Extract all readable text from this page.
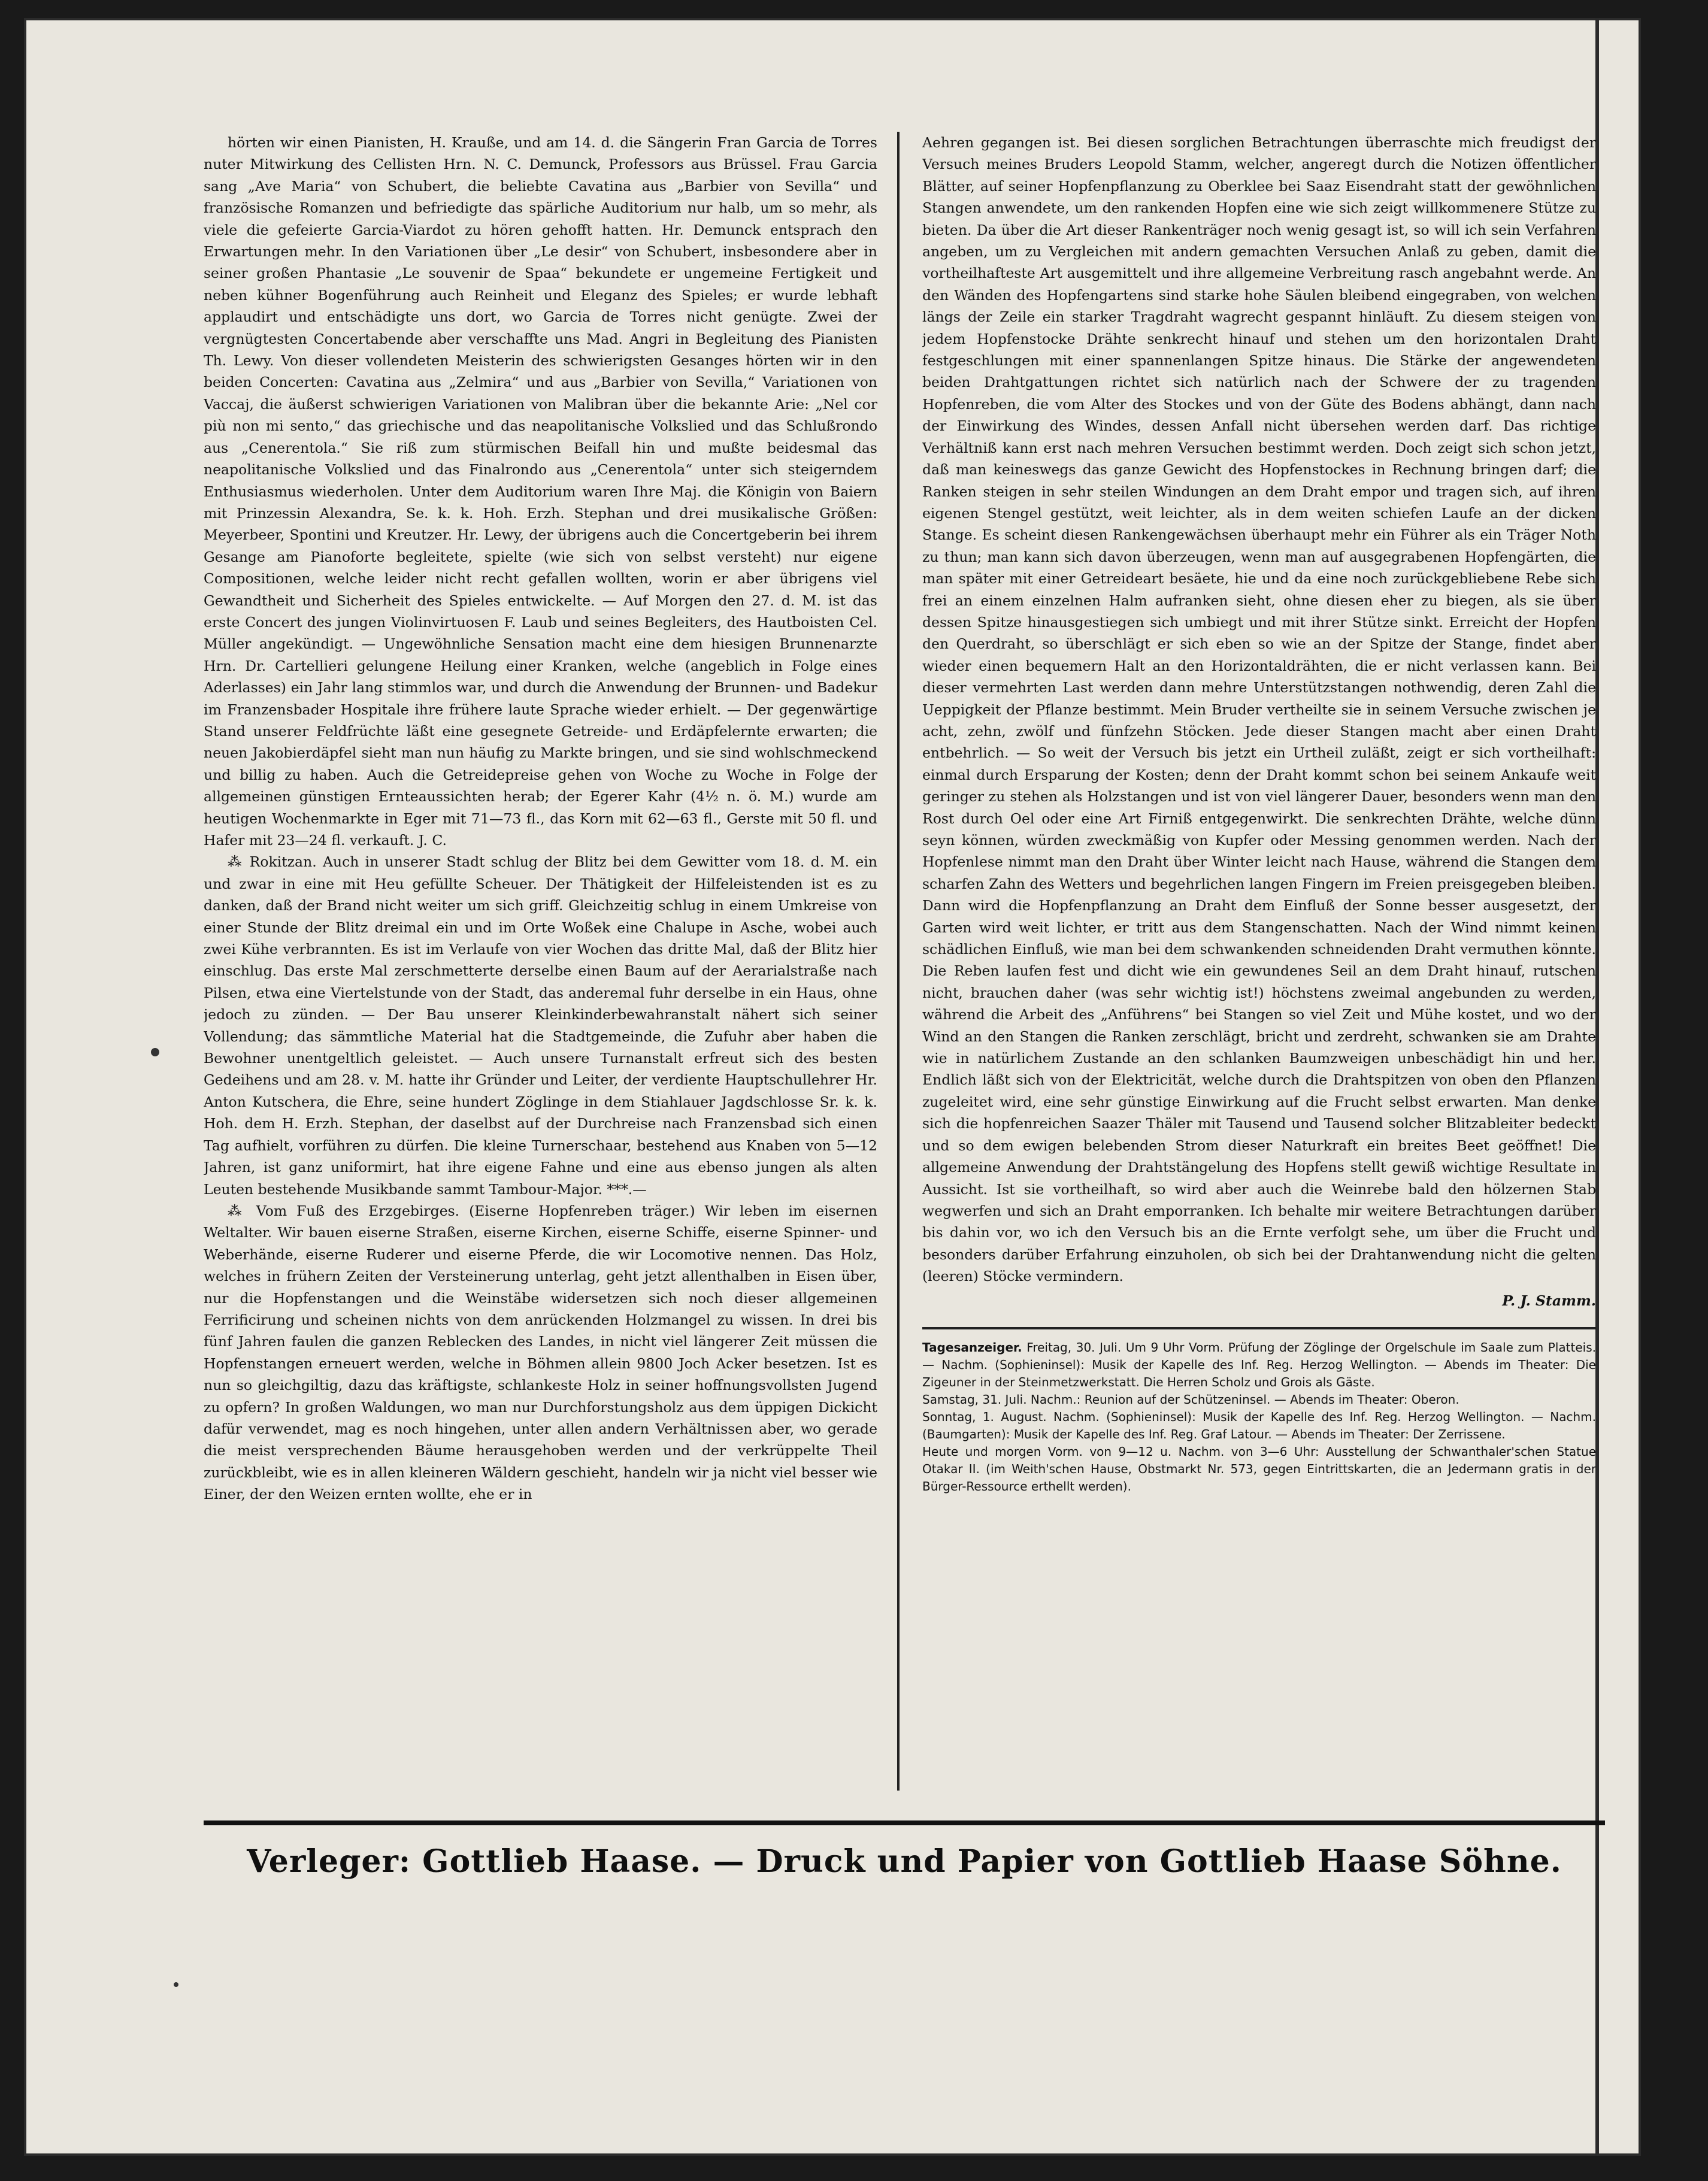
hörten wir einen Pianisten, H. Krauße, und am 14. d. die Sängerin Fran Garcia de Torres nuter Mitwirkung des Cellisten Hrn. N. C. Demunck, Professors aus Brüssel. Frau Garcia sang „Ave Maria“ von Schubert, die beliebte Cavatina aus „Barbier von Sevilla“ und französische Romanzen und befriedigte das spärliche Auditorium nur halb, um so mehr, als viele die gefeierte Garcia-Viardot zu hören gehofft hatten. Hr. Demunck entsprach den Erwartungen mehr. In den Variationen über „Le desir“ von Schubert, insbesondere aber in seiner großen Phantasie „Le souvenir de Spaa“ bekundete er ungemeine Fertigkeit und neben kühner Bogenführung auch Reinheit und Eleganz des Spieles; er wurde lebhaft applaudirt und entschädigte uns dort, wo Garcia de Torres nicht genügte. Zwei der vergnügtesten Concertabende aber verschaffte uns Mad. Angri in Begleitung des Pianisten Th. Lewy. Von dieser vollendeten Meisterin des schwierigsten Gesanges hörten wir in den beiden Concerten: Cavatina aus „Zelmira“ und aus „Barbier von Sevilla,“ Variationen von Vaccaj, die äußerst schwierigen Variationen von Malibran über die bekannte Arie: „Nel cor più non mi sento,“ das griechische und das neapolitanische Volkslied und das Schlußrondo aus „Cenerentola.“ Sie riß zum stürmischen Beifall hin und mußte beidesmal das neapolitanische Volkslied und das Finalrondo aus „Cenerentola“ unter sich steigerndem Enthusiasmus wiederholen. Unter dem Auditorium waren Ihre Maj. die Königin von Baiern mit Prinzessin Alexandra, Se. k. k. Hoh. Erzh. Stephan und drei musikalische Größen: Meyerbeer, Spontini und Kreutzer. Hr. Lewy, der übrigens auch die Concertgeberin bei ihrem Gesange am Pianoforte begleitete, spielte (wie sich von selbst versteht) nur eigene Compositionen, welche leider nicht recht gefallen wollten, worin er aber übrigens viel Gewandtheit und Sicherheit des Spieles entwickelte. — Auf Morgen den 27. d. M. ist das erste Concert des jungen Violinvirtuosen F. Laub und seines Begleiters, des Hautboisten Cel. Müller angekündigt. — Ungewöhnliche Sensation macht eine dem hiesigen Brunnenarzte Hrn. Dr. Cartellieri gelungene Heilung einer Kranken, welche (angeblich in Folge eines Aderlasses) ein Jahr lang stimmlos war, und durch die Anwendung der Brunnen- und Badekur im Franzensbader Hospitale ihre frühere laute Sprache wieder erhielt. — Der gegenwärtige Stand unserer Feldfrüchte läßt eine gesegnete Getreide- und Erdäpfelernte erwarten; die neuen Jakobierdäpfel sieht man nun häufig zu Markte bringen, und sie sind wohlschmeckend und billig zu haben. Auch die Getreidepreise gehen von Woche zu Woche in Folge der allgemeinen günstigen Ernteaussichten herab; der Egerer Kahr (4½ n. ö. M.) wurde am heutigen Wochenmarkte in Eger mit 71—73 fl., das Korn mit 62—63 fl., Gerste mit 50 fl. und Hafer mit 23—24 fl. verkauft. J. C.

⁂ Rokitzan. Auch in unserer Stadt schlug der Blitz bei dem Gewitter vom 18. d. M. ein und zwar in eine mit Heu gefüllte Scheuer. Der Thätigkeit der Hilfeleistenden ist es zu danken, daß der Brand nicht weiter um sich griff. Gleichzeitig schlug in einem Umkreise von einer Stunde der Blitz dreimal ein und im Orte Woßek eine Chalupe in Asche, wobei auch zwei Kühe verbrannten. Es ist im Verlaufe von vier Wochen das dritte Mal, daß der Blitz hier einschlug. Das erste Mal zerschmetterte derselbe einen Baum auf der Aerarialstraße nach Pilsen, etwa eine Viertelstunde von der Stadt, das anderemal fuhr derselbe in ein Haus, ohne jedoch zu zünden. — Der Bau unserer Kleinkinderbewahranstalt nähert sich seiner Vollendung; das sämmtliche Material hat die Stadtgemeinde, die Zufuhr aber haben die Bewohner unentgeltlich geleistet. — Auch unsere Turnanstalt erfreut sich des besten Gedeihens und am 28. v. M. hatte ihr Gründer und Leiter, der verdiente Hauptschullehrer Hr. Anton Kutschera, die Ehre, seine hundert Zöglinge in dem Stiahlauer Jagdschlosse Sr. k. k. Hoh. dem H. Erzh. Stephan, der daselbst auf der Durchreise nach Franzensbad sich einen Tag aufhielt, vorführen zu dürfen. Die kleine Turnerschaar, bestehend aus Knaben von 5—12 Jahren, ist ganz uniformirt, hat ihre eigene Fahne und eine aus ebenso jungen als alten Leuten bestehende Musikbande sammt Tambour-Major. ***.—

⁂ Vom Fuß des Erzgebirges. (Eiserne Hopfenreben träger.) Wir leben im eisernen Weltalter. Wir bauen eiserne Straßen, eiserne Kirchen, eiserne Schiffe, eiserne Spinner- und Weberhände, eiserne Ruderer und eiserne Pferde, die wir Locomotive nennen. Das Holz, welches in frühern Zeiten der Versteinerung unterlag, geht jetzt allenthalben in Eisen über, nur die Hopfenstangen und die Weinstäbe widersetzen sich noch dieser allgemeinen Ferrificirung und scheinen nichts von dem anrückenden Holzmangel zu wissen. In drei bis fünf Jahren faulen die ganzen Reblecken des Landes, in nicht viel längerer Zeit müssen die Hopfenstangen erneuert werden, welche in Böhmen allein 9800 Joch Acker besetzen. Ist es nun so gleichgiltig, dazu das kräftigste, schlankeste Holz in seiner hoffnungsvollsten Jugend zu opfern? In großen Waldungen, wo man nur Durchforstungsholz aus dem üppigen Dickicht dafür verwendet, mag es noch hingehen, unter allen andern Verhältnissen aber, wo gerade die meist versprechenden Bäume herausgehoben werden und der verkrüppelte Theil zurückbleibt, wie es in allen kleineren Wäldern geschieht, handeln wir ja nicht viel besser wie Einer, der den Weizen ernten wollte, ehe er in

Aehren gegangen ist. Bei diesen sorglichen Betrachtungen überraschte mich freudigst der Versuch meines Bruders Leopold Stamm, welcher, angeregt durch die Notizen öffentlicher Blätter, auf seiner Hopfenpflanzung zu Oberklee bei Saaz Eisendraht statt der gewöhnlichen Stangen anwendete, um den rankenden Hopfen eine wie sich zeigt willkommenere Stütze zu bieten. Da über die Art dieser Rankenträger noch wenig gesagt ist, so will ich sein Verfahren angeben, um zu Vergleichen mit andern gemachten Versuchen Anlaß zu geben, damit die vortheilhafteste Art ausgemittelt und ihre allgemeine Verbreitung rasch angebahnt werde. An den Wänden des Hopfengartens sind starke hohe Säulen bleibend eingegraben, von welchen längs der Zeile ein starker Tragdraht wagrecht gespannt hinläuft. Zu diesem steigen von jedem Hopfenstocke Drähte senkrecht hinauf und stehen um den horizontalen Draht festgeschlungen mit einer spannenlangen Spitze hinaus. Die Stärke der angewendeten beiden Drahtgattungen richtet sich natürlich nach der Schwere der zu tragenden Hopfenreben, die vom Alter des Stockes und von der Güte des Bodens abhängt, dann nach der Einwirkung des Windes, dessen Anfall nicht übersehen werden darf. Das richtige Verhältniß kann erst nach mehren Versuchen bestimmt werden. Doch zeigt sich schon jetzt, daß man keineswegs das ganze Gewicht des Hopfenstockes in Rechnung bringen darf; die Ranken steigen in sehr steilen Windungen an dem Draht empor und tragen sich, auf ihren eigenen Stengel gestützt, weit leichter, als in dem weiten schiefen Laufe an der dicken Stange. Es scheint diesen Rankengewächsen überhaupt mehr ein Führer als ein Träger Noth zu thun; man kann sich davon überzeugen, wenn man auf ausgegrabenen Hopfengärten, die man später mit einer Getreideart besäete, hie und da eine noch zurückgebliebene Rebe sich frei an einem einzelnen Halm aufranken sieht, ohne diesen eher zu biegen, als sie über dessen Spitze hinausgestiegen sich umbiegt und mit ihrer Stütze sinkt. Erreicht der Hopfen den Querdraht, so überschlägt er sich eben so wie an der Spitze der Stange, findet aber wieder einen bequemern Halt an den Horizontaldrähten, die er nicht verlassen kann. Bei dieser vermehrten Last werden dann mehre Unterstützstangen nothwendig, deren Zahl die Ueppigkeit der Pflanze bestimmt. Mein Bruder vertheilte sie in seinem Versuche zwischen je acht, zehn, zwölf und fünfzehn Stöcken. Jede dieser Stangen macht aber einen Draht entbehrlich. — So weit der Versuch bis jetzt ein Urtheil zuläßt, zeigt er sich vortheilhaft: einmal durch Ersparung der Kosten; denn der Draht kommt schon bei seinem Ankaufe weit geringer zu stehen als Holzstangen und ist von viel längerer Dauer, besonders wenn man den Rost durch Oel oder eine Art Firniß entgegenwirkt. Die senkrechten Drähte, welche dünn seyn können, würden zweckmäßig von Kupfer oder Messing genommen werden. Nach der Hopfenlese nimmt man den Draht über Winter leicht nach Hause, während die Stangen dem scharfen Zahn des Wetters und begehrlichen langen Fingern im Freien preisgegeben bleiben. Dann wird die Hopfenpflanzung an Draht dem Einfluß der Sonne besser ausgesetzt, der Garten wird weit lichter, er tritt aus dem Stangenschatten. Nach der Wind nimmt keinen schädlichen Einfluß, wie man bei dem schwankenden schneidenden Draht vermuthen könnte. Die Reben laufen fest und dicht wie ein gewundenes Seil an dem Draht hinauf, rutschen nicht, brauchen daher (was sehr wichtig ist!) höchstens zweimal angebunden zu werden, während die Arbeit des „Anführens“ bei Stangen so viel Zeit und Mühe kostet, und wo der Wind an den Stangen die Ranken zerschlägt, bricht und zerdreht, schwanken sie am Drahte wie in natürlichem Zustande an den schlanken Baumzweigen unbeschädigt hin und her. Endlich läßt sich von der Elektricität, welche durch die Drahtspitzen von oben den Pflanzen zugeleitet wird, eine sehr günstige Einwirkung auf die Frucht selbst erwarten. Man denke sich die hopfenreichen Saazer Thäler mit Tausend und Tausend solcher Blitzableiter bedeckt und so dem ewigen belebenden Strom dieser Naturkraft ein breites Beet geöffnet! Die allgemeine Anwendung der Drahtstängelung des Hopfens stellt gewiß wichtige Resultate in Aussicht. Ist sie vortheilhaft, so wird aber auch die Weinrebe bald den hölzernen Stab wegwerfen und sich an Draht emporranken. Ich behalte mir weitere Betrachtungen darüber bis dahin vor, wo ich den Versuch bis an die Ernte verfolgt sehe, um über die Frucht und besonders darüber Erfahrung einzuholen, ob sich bei der Drahtanwendung nicht die gelten (leeren) Stöcke vermindern.

P. J. Stamm.
Tagesanzeiger. Freitag, 30. Juli. Um 9 Uhr Vorm. Prüfung der Zöglinge der Orgelschule im Saale zum Platteis. — Nachm. (Sophieninsel): Musik der Kapelle des Inf. Reg. Herzog Wellington. — Abends im Theater: Die Zigeuner in der Steinmetzwerkstatt. Die Herren Scholz und Grois als Gäste.
Samstag, 31. Juli. Nachm.: Reunion auf der Schützeninsel. — Abends im Theater: Oberon.
Sonntag, 1. August. Nachm. (Sophieninsel): Musik der Kapelle des Inf. Reg. Herzog Wellington. — Nachm. (Baumgarten): Musik der Kapelle des Inf. Reg. Graf Latour. — Abends im Theater: Der Zerrissene.
Heute und morgen Vorm. von 9—12 u. Nachm. von 3—6 Uhr: Ausstellung der Schwanthaler'schen Statue Otakar II. (im Weith'schen Hause, Obstmarkt Nr. 573, gegen Eintrittskarten, die an Jedermann gratis in der Bürger-Ressource erthellt werden).
Verleger: Gottlieb Haase. — Druck und Papier von Gottlieb Haase Söhne.
